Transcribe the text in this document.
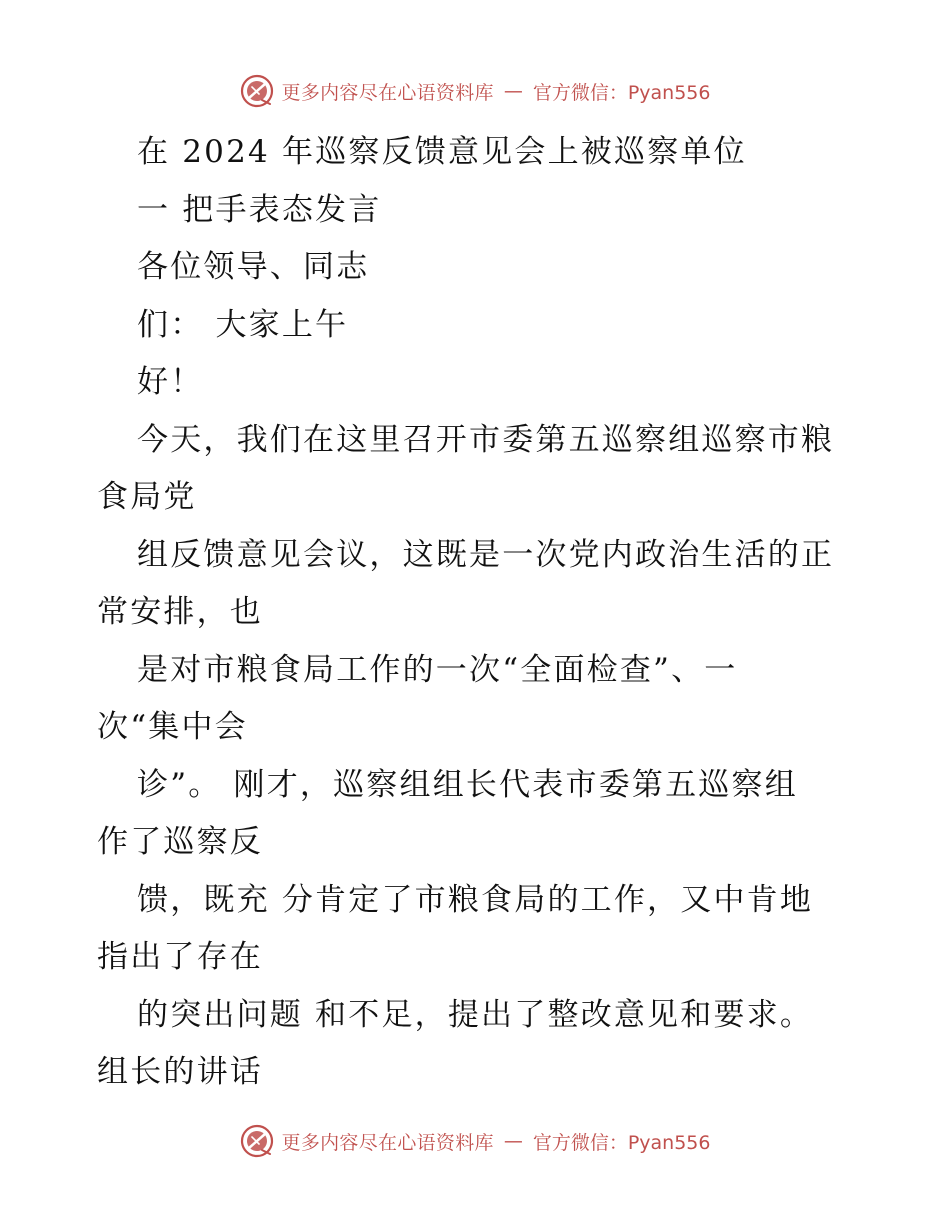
更多内容尽在心语资料库 — 官方微信：Pyan556
在 2024 年巡察反馈意见会上被巡察单位
一 把手表态发言
各位领导、同志
们： 大家上午
好！
今天，我们在这里召开市委第五巡察组巡察市粮
食局党
组反馈意见会议，这既是一次党内政治生活的正
常安排，也
是对市粮食局工作的一次“全面检查”、一
次“集中会
诊”。 刚才，巡察组组长代表市委第五巡察组
作了巡察反
馈，既充 分肯定了市粮食局的工作，又中肯地
指出了存在
的突出问题 和不足，提出了整改意见和要求。
组长的讲话
更多内容尽在心语资料库 — 官方微信：Pyan556
